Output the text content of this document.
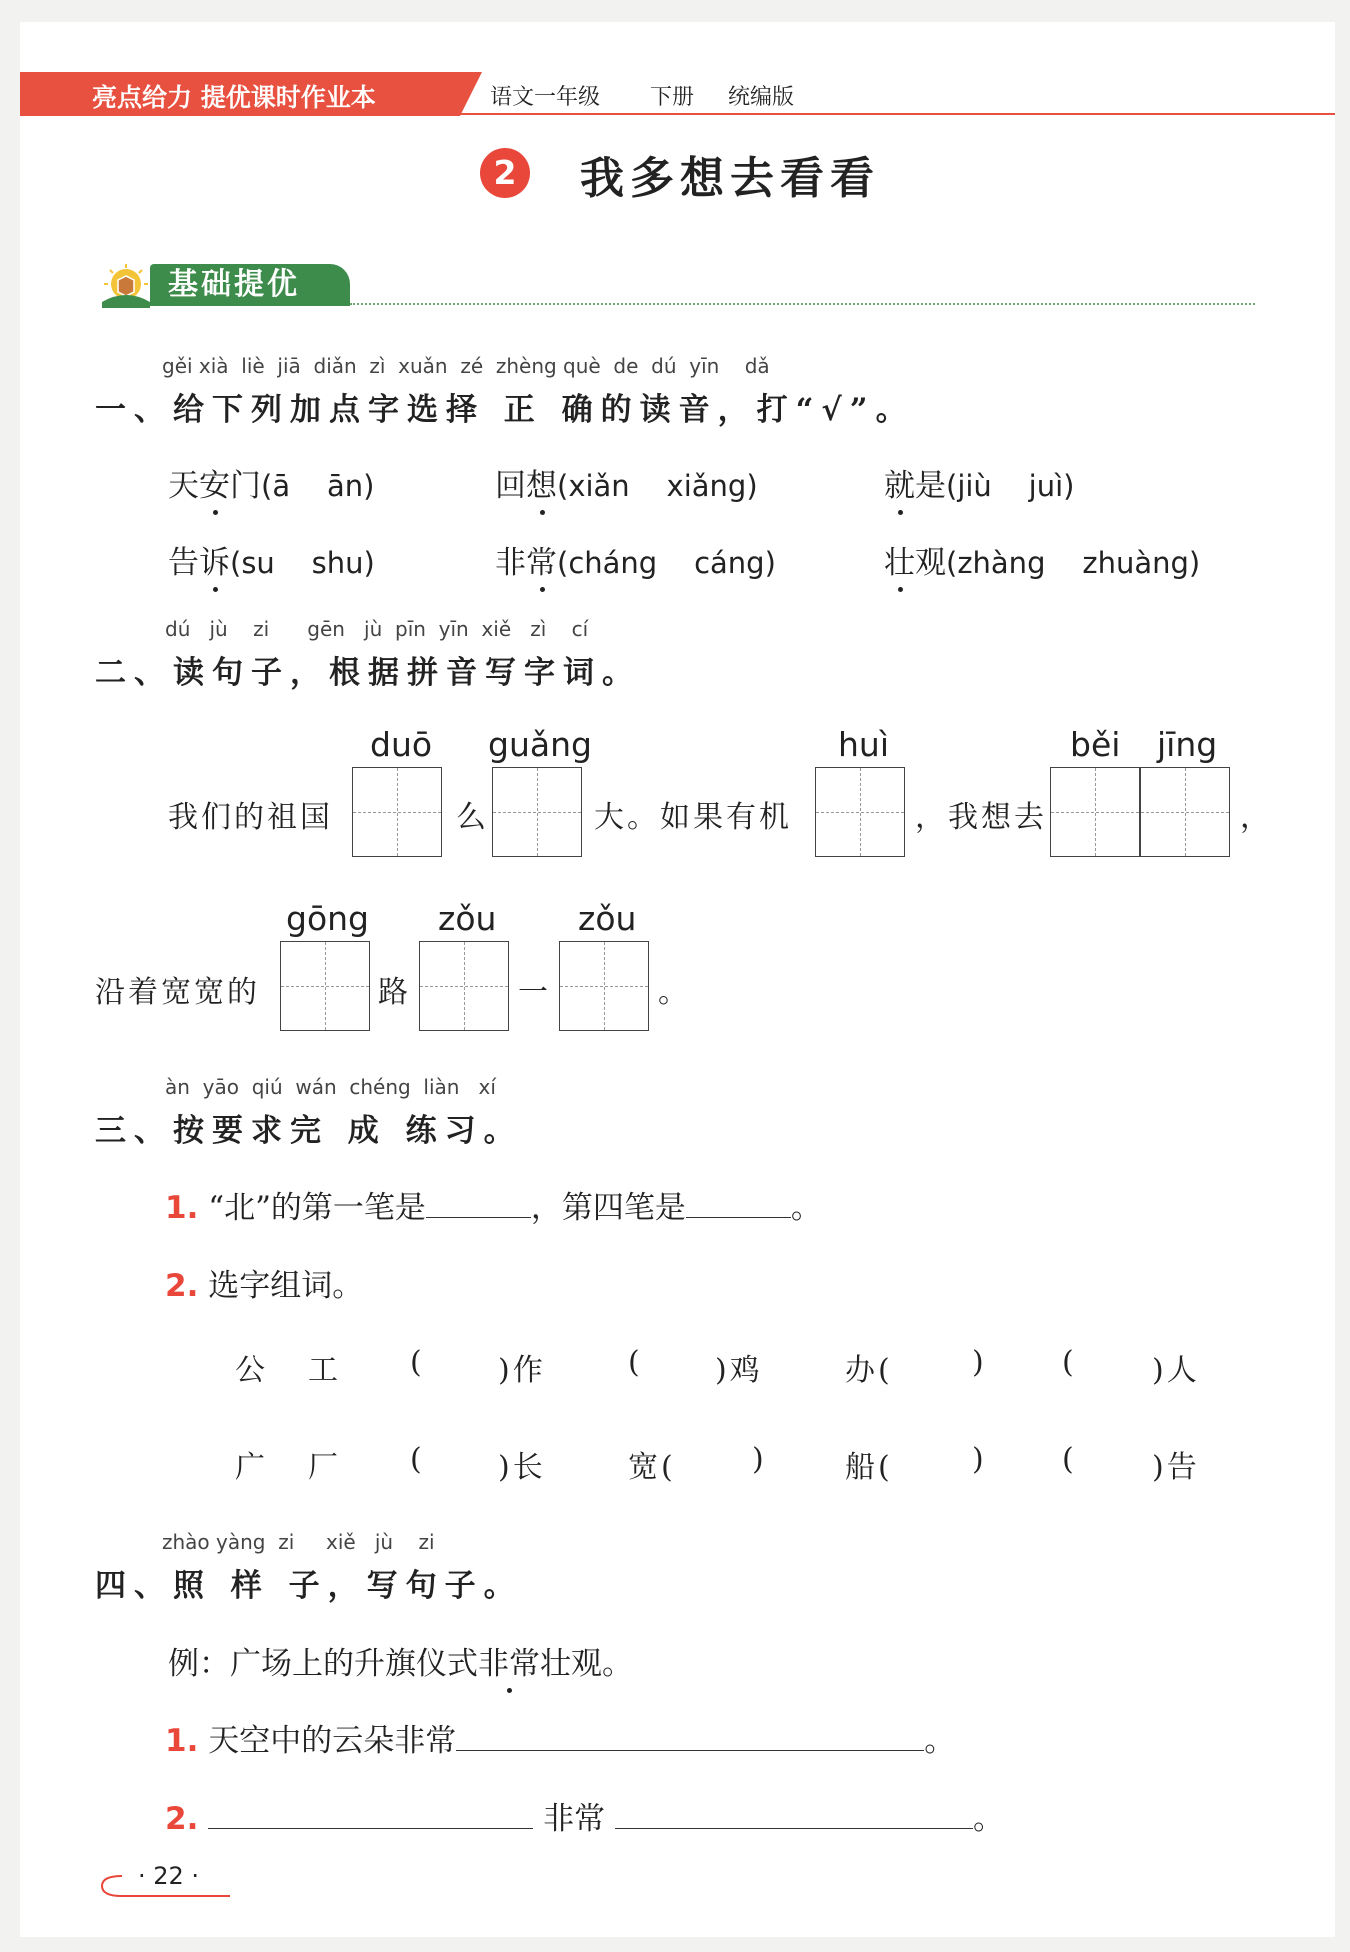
亮点给力 提优课时作业本	语文一年级 下册 统编版
2	我多想去看看
基础提优
gěi xià  liè  jiā  diǎn  zì  xuǎn  zé  zhèng què  de  dú  yīn    dǎ
一、给下列加点字选择 正 确的读音，打“√”。
天安门(ā    ān)	回想(xiǎn    xiǎng)	就是(jiù    juì)
告诉(su    shu)	非常(cháng    cáng)	壮观(zhàng    zhuàng)
dú   jù    zi      gēn   jù  pīn  yīn  xiě   zì    cí
二、读句子，根据拼音写字词。
我们的祖国
duō
么
guǎng
大。如果有机
huì
，我想去
běi jīng
，
沿着宽宽的
gōng
路
zǒu
一
zǒu
。
àn  yāo  qiú  wán  chéng  liàn   xí
三、按要求完 成 练习。
1. “北”的第一笔是	，第四笔是	。
2. 选字组词。
公 工 ( )作	( )鸡	办(	)	(	)人
广 厂 ( )长	宽(	)	船(	)	(	)告
zhào yàng  zi     xiě   jù    zi
四、照 样 子，写句子。
例：广场上的升旗仪式非常壮观。
1. 天空中的云朵非常	。
2.	非常	。
· 22 ·
